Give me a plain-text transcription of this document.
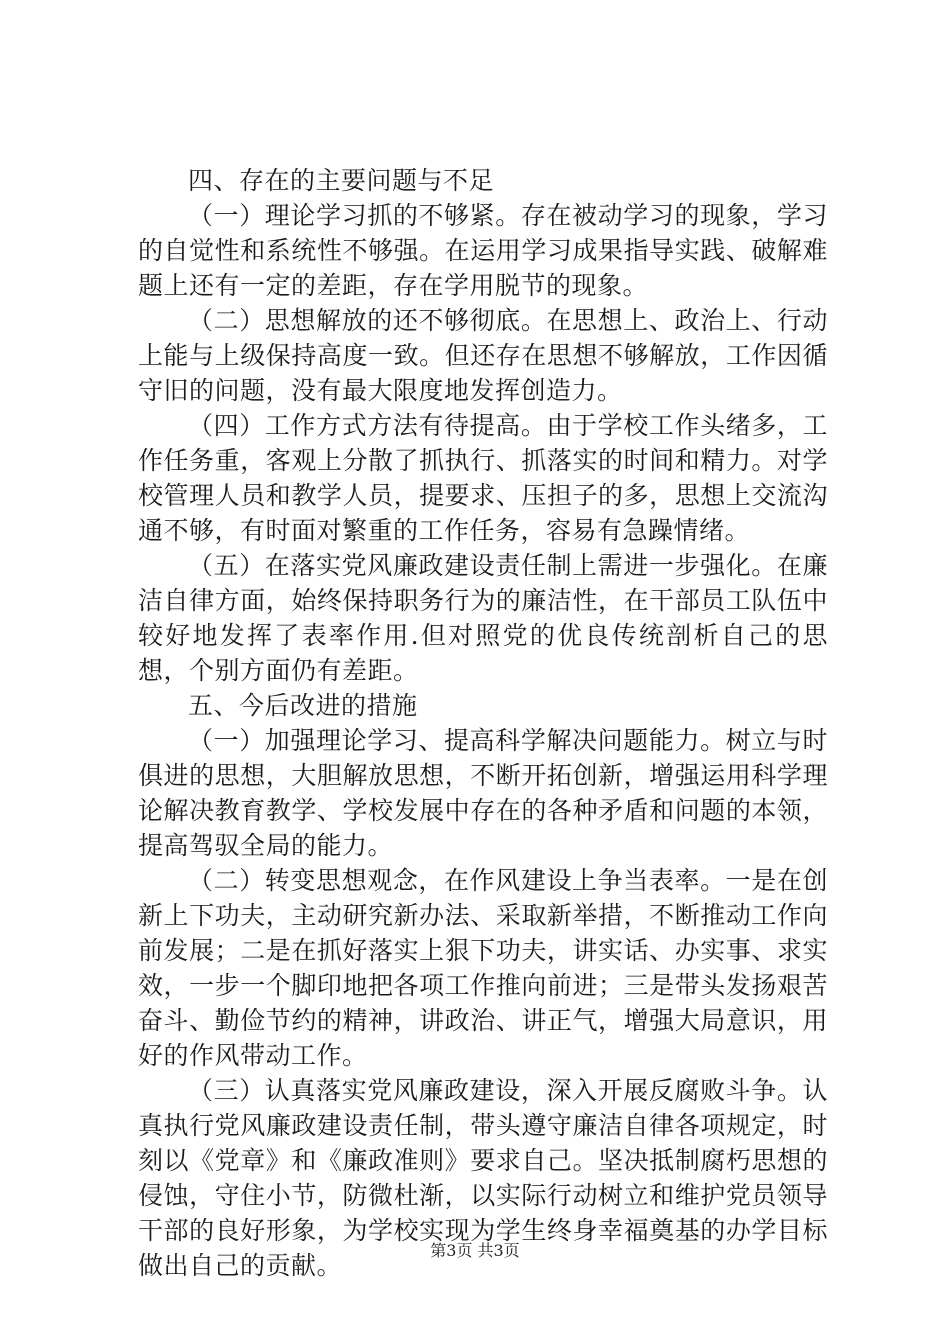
四、存在的主要问题与不足

（一）理论学习抓的不够紧。存在被动学习的现象，学习的自觉性和系统性不够强。在运用学习成果指导实践、破解难题上还有一定的差距，存在学用脱节的现象。

（二）思想解放的还不够彻底。在思想上、政治上、行动上能与上级保持高度一致。但还存在思想不够解放，工作因循守旧的问题，没有最大限度地发挥创造力。

（四）工作方式方法有待提高。由于学校工作头绪多，工作任务重，客观上分散了抓执行、抓落实的时间和精力。对学校管理人员和教学人员，提要求、压担子的多，思想上交流沟通不够，有时面对繁重的工作任务，容易有急躁情绪。

（五）在落实党风廉政建设责任制上需进一步强化。在廉洁自律方面，始终保持职务行为的廉洁性，在干部员工队伍中较好地发挥了表率作用.但对照党的优良传统剖析自己的思想，个别方面仍有差距。

五、今后改进的措施

（一）加强理论学习、提高科学解决问题能力。树立与时俱进的思想，大胆解放思想，不断开拓创新，增强运用科学理论解决教育教学、学校发展中存在的各种矛盾和问题的本领，提高驾驭全局的能力。

（二）转变思想观念，在作风建设上争当表率。一是在创新上下功夫，主动研究新办法、采取新举措，不断推动工作向前发展；二是在抓好落实上狠下功夫，讲实话、办实事、求实效，一步一个脚印地把各项工作推向前进；三是带头发扬艰苦奋斗、勤俭节约的精神，讲政治、讲正气，增强大局意识，用好的作风带动工作。

（三）认真落实党风廉政建设，深入开展反腐败斗争。认真执行党风廉政建设责任制，带头遵守廉洁自律各项规定，时刻以《党章》和《廉政准则》要求自己。坚决抵制腐朽思想的侵蚀，守住小节，防微杜渐，以实际行动树立和维护党员领导干部的良好形象，为学校实现为学生终身幸福奠基的办学目标做出自己的贡献。

第3页 共3页
